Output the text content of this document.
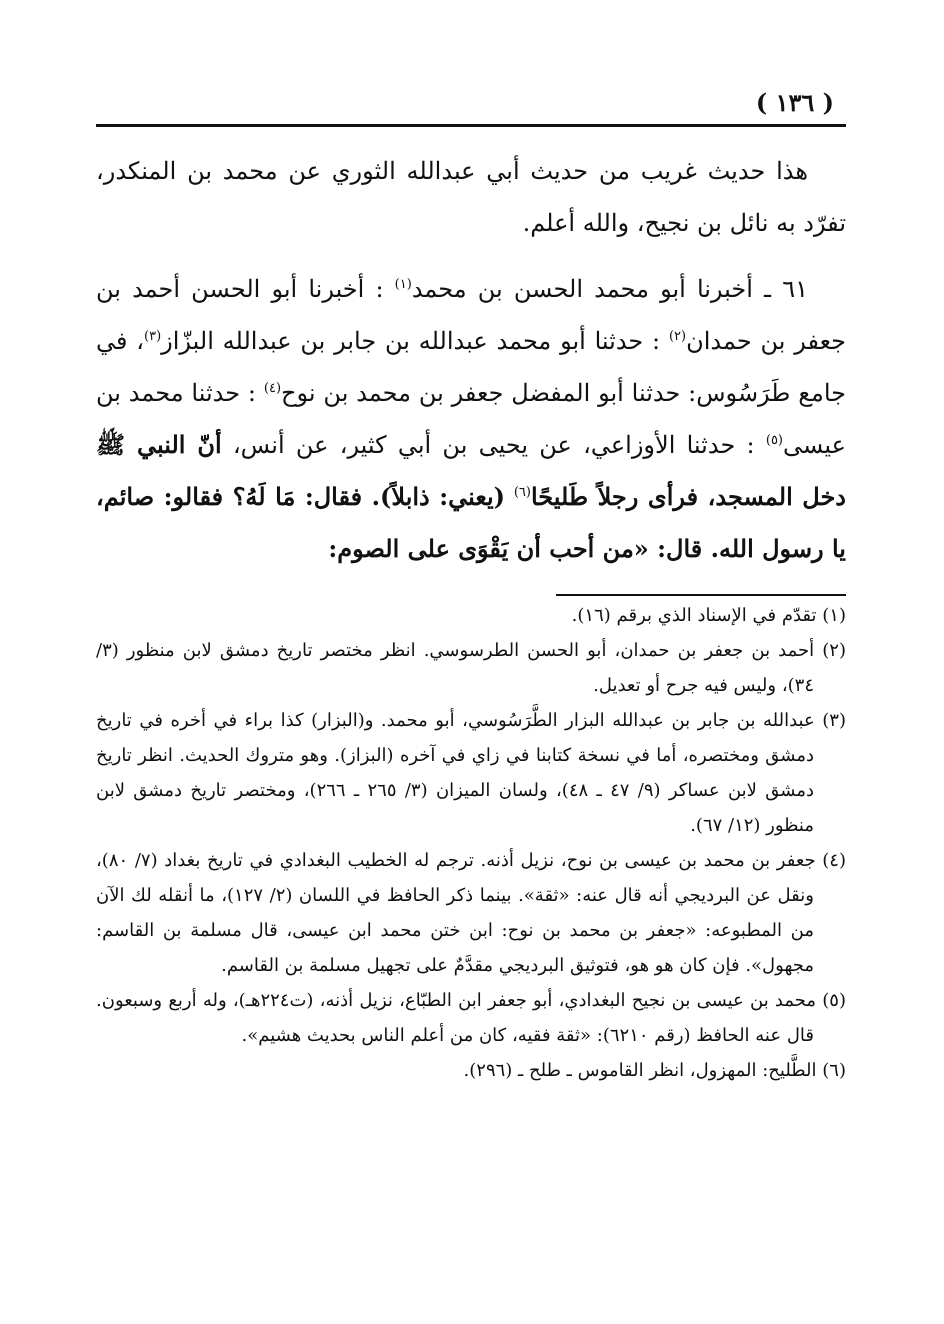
( ١٣٦ )

هذا حديث غريب من حديث أبي عبدالله الثوري عن محمد بن المنكدر، تفرّد به نائل بن نجيح، والله أعلم.

٦١ ـ أخبرنا أبو محمد الحسن بن محمد$^{(١)}$ : أخبرنا أبو الحسن أحمد بن جعفر بن حمدان$^{(٢)}$ : حدثنا أبو محمد عبدالله بن جابر بن عبدالله البزّاز$^{(٣)}$، في جامع طَرَسُوس: حدثنا أبو المفضل جعفر بن محمد بن نوح$^{(٤)}$ : حدثنا محمد بن عيسى$^{(٥)}$ : حدثنا الأوزاعي، عن يحيى بن أبي كثير، عن أنس، أنّ النبي ﷺ دخل المسجد، فرأى رجلاً طَليحًا$^{(٦)}$ (يعني: ذابلاً). فقال: مَا لَهُ؟ فقالو: صائم، يا رسول الله. قال: «من أحب أن يَقْوَى على الصوم:

(١) تقدّم في الإسناد الذي برقم (١٦).

(٢) أحمد بن جعفر بن حمدان، أبو الحسن الطرسوسي. انظر مختصر تاريخ دمشق لابن منظور (٣/ ٣٤)، وليس فيه جرح أو تعديل.

(٣) عبدالله بن جابر بن عبدالله البزار الطَّرَسُوسي، أبو محمد. و(البزار) كذا براء في أخره في تاريخ دمشق ومختصره، أما في نسخة كتابنا في زاي في آخره (البزاز). وهو متروك الحديث. انظر تاريخ دمشق لابن عساكر (٩/ ٤٧ ـ ٤٨)، ولسان الميزان (٣/ ٢٦٥ ـ ٢٦٦)، ومختصر تاريخ دمشق لابن منظور (١٢/ ٦٧).

(٤) جعفر بن محمد بن عيسى بن نوح، نزيل أذنه. ترجم له الخطيب البغدادي في تاريخ بغداد (٧/ ٨٠)، ونقل عن البرديجي أنه قال عنه: «ثقة». بينما ذكر الحافظ في اللسان (٢/ ١٢٧)، ما أنقله لك الآن من المطبوعه: «جعفر بن محمد بن نوح: ابن ختن محمد ابن عيسى، قال مسلمة بن القاسم: مجهول». فإن كان هو هو، فتوثيق البرديجي مقدَّمٌ على تجهيل مسلمة بن القاسم.

(٥) محمد بن عيسى بن نجيح البغدادي، أبو جعفر ابن الطبّاع، نزيل أذنه، (ت٢٢٤هـ)، وله أربع وسبعون. قال عنه الحافظ (رقم ٦٢١٠): «ثقة فقيه، كان من أعلم الناس بحديث هشيم».

(٦) الطَّليح: المهزول، انظر القاموس ـ طلح ـ (٢٩٦).
